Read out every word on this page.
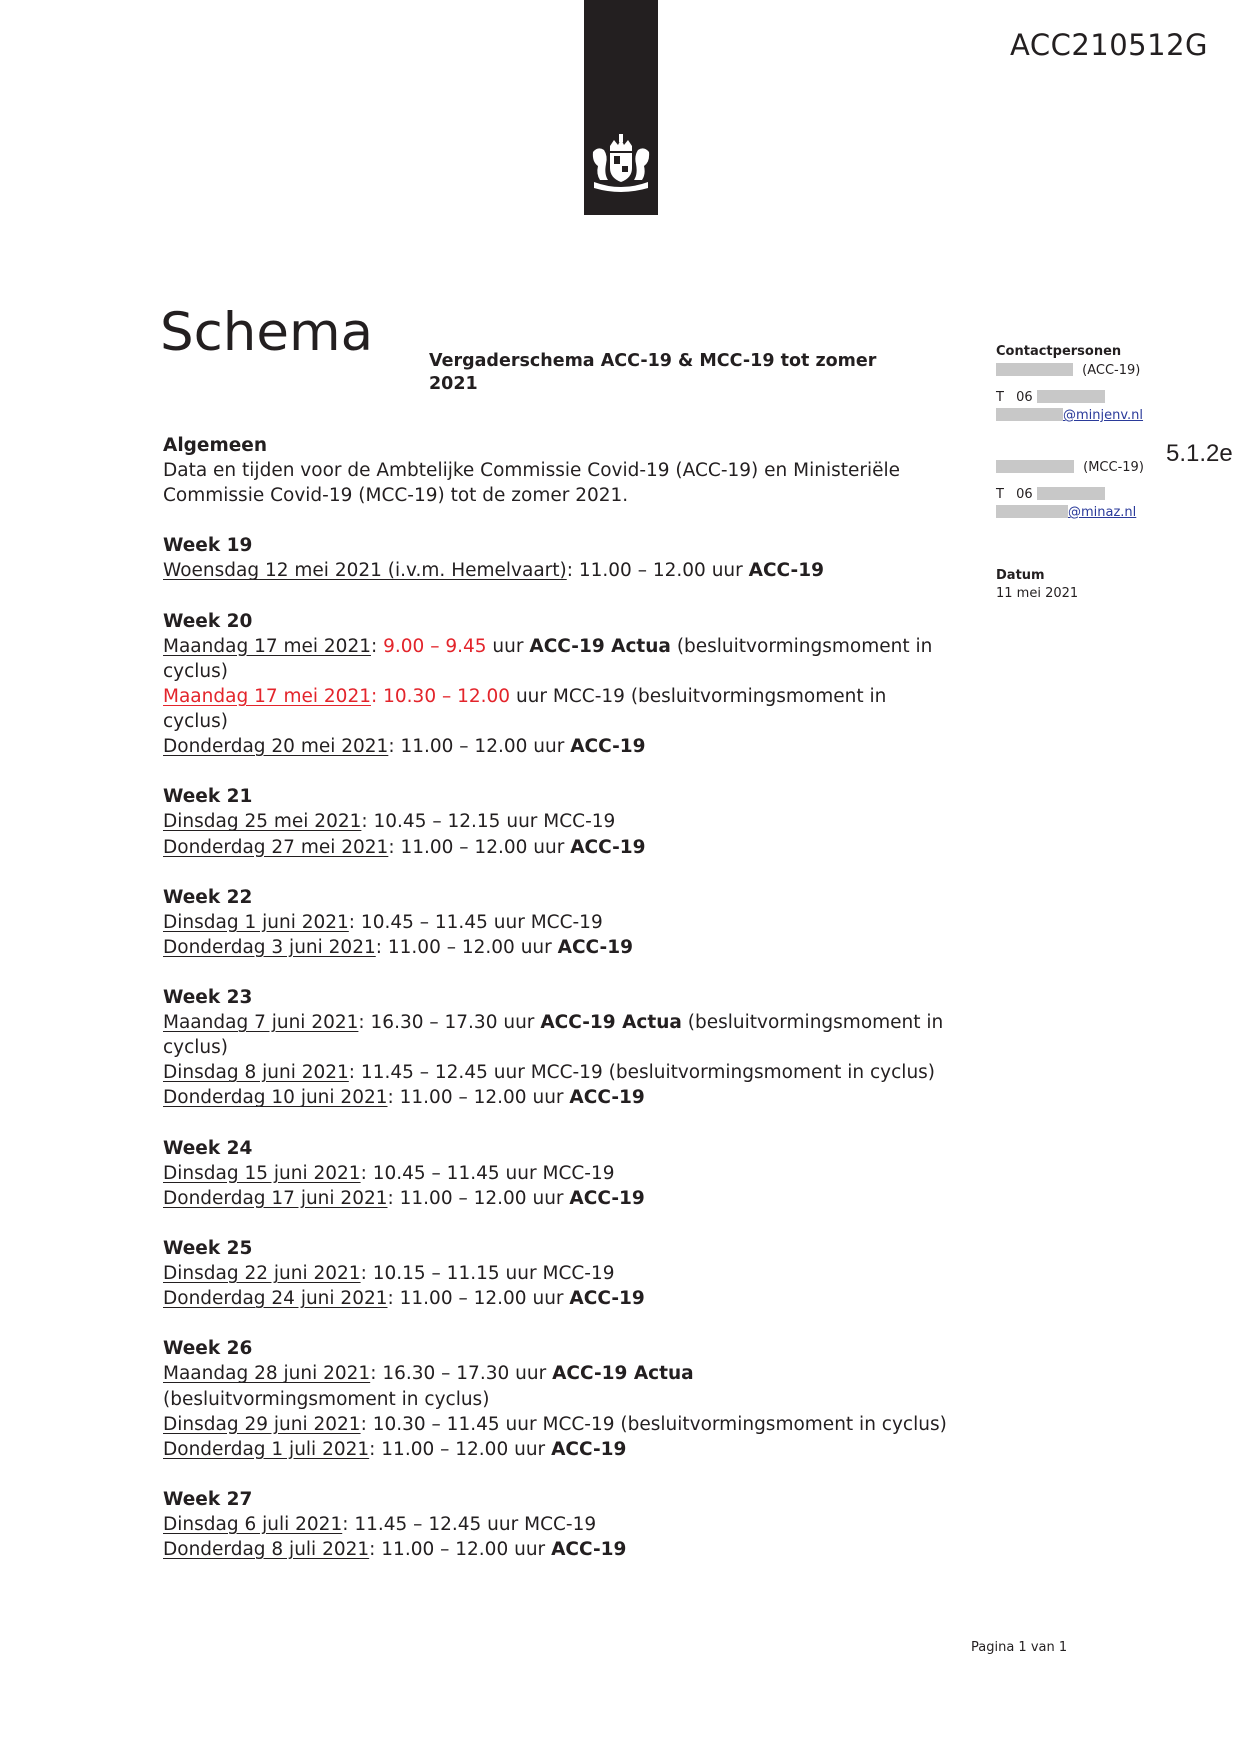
ACC210512G
Schema	Vergaderschema ACC-19 & MCC-19 tot zomer 2021
Contactpersonen
(ACC-19)
T 06
@minjenv.nl
(MCC-19)
T 06
@minaz.nl
Datum
11 mei 2021
5.1.2e
Algemeen

Data en tijden voor de Ambtelijke Commissie Covid-19 (ACC-19) en Ministeriële Commissie Covid-19 (MCC-19) tot de zomer 2021.

Week 19

Woensdag 12 mei 2021 (i.v.m. Hemelvaart): 11.00 – 12.00 uur ACC-19

Week 20

Maandag 17 mei 2021: 9.00 – 9.45 uur ACC-19 Actua (besluitvormingsmoment in cyclus)

Maandag 17 mei 2021: 10.30 – 12.00 uur MCC-19 (besluitvormingsmoment in cyclus)

Donderdag 20 mei 2021: 11.00 – 12.00 uur ACC-19

Week 21

Dinsdag 25 mei 2021: 10.45 – 12.15 uur MCC-19

Donderdag 27 mei 2021: 11.00 – 12.00 uur ACC-19

Week 22

Dinsdag 1 juni 2021: 10.45 – 11.45 uur MCC-19

Donderdag 3 juni 2021: 11.00 – 12.00 uur ACC-19

Week 23

Maandag 7 juni 2021: 16.30 – 17.30 uur ACC-19 Actua (besluitvormingsmoment in cyclus)

Dinsdag 8 juni 2021: 11.45 – 12.45 uur MCC-19 (besluitvormingsmoment in cyclus)

Donderdag 10 juni 2021: 11.00 – 12.00 uur ACC-19

Week 24

Dinsdag 15 juni 2021: 10.45 – 11.45 uur MCC-19

Donderdag 17 juni 2021: 11.00 – 12.00 uur ACC-19

Week 25

Dinsdag 22 juni 2021: 10.15 – 11.15 uur MCC-19

Donderdag 24 juni 2021: 11.00 – 12.00 uur ACC-19

Week 26

Maandag 28 juni 2021: 16.30 – 17.30 uur ACC-19 Actua
(besluitvormingsmoment in cyclus)

Dinsdag 29 juni 2021: 10.30 – 11.45 uur MCC-19 (besluitvormingsmoment in cyclus)

Donderdag 1 juli 2021: 11.00 – 12.00 uur ACC-19

Week 27

Dinsdag 6 juli 2021: 11.45 – 12.45 uur MCC-19

Donderdag 8 juli 2021: 11.00 – 12.00 uur ACC-19

Pagina 1 van 1
